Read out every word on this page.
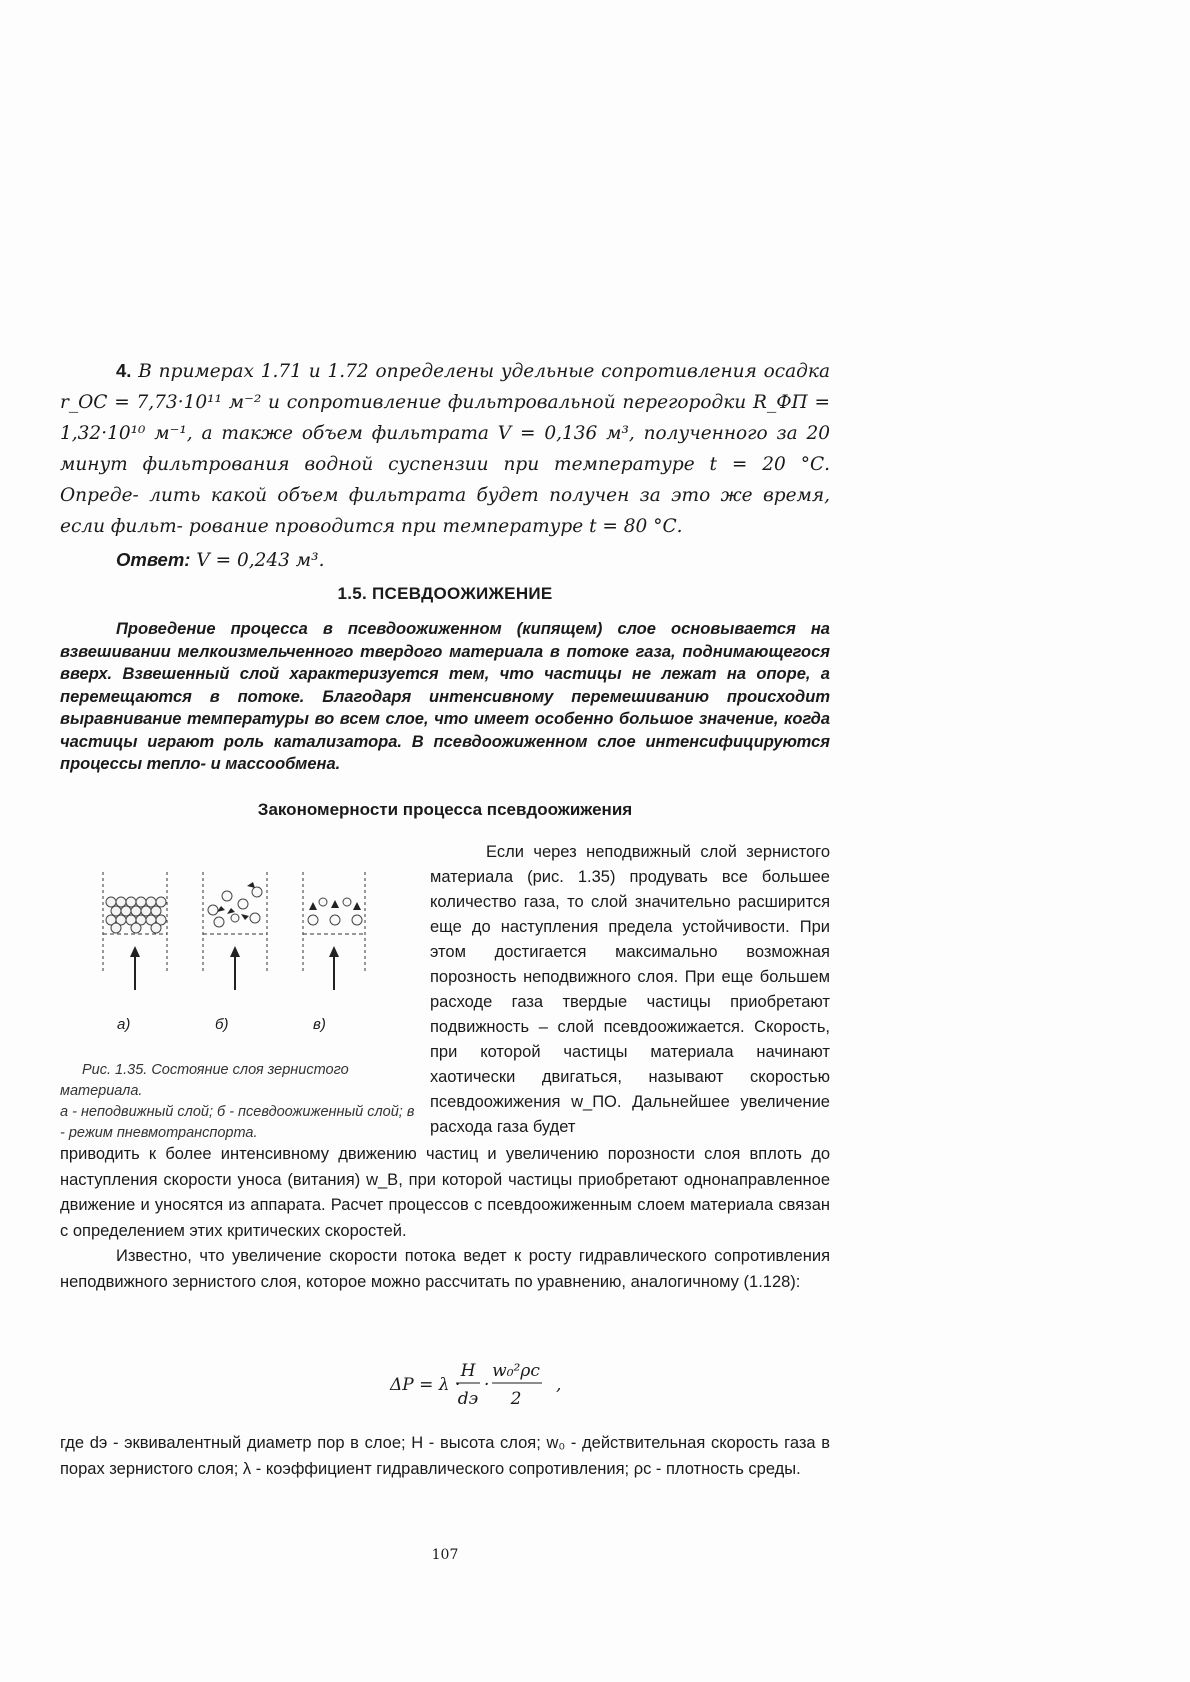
4. В примерах 1.71 и 1.72 определены удельные сопротивления осадка r_ОС = 7,73·10¹¹ м⁻² и сопротивление фильтровальной перегородки R_ФП = 1,32·10¹⁰ м⁻¹, а также объем фильтрата V = 0,136 м³, полученного за 20 минут фильтрования водной суспензии при температуре t = 20 °С. Опреде- лить какой объем фильтрата будет получен за это же время, если фильт- рование проводится при температуре t = 80 °С.

Ответ: V = 0,243 м³.
1.5. ПСЕВДООЖИЖЕНИЕ

Проведение процесса в псевдоожиженном (кипящем) слое основывается на взвешивании мелкоизмельченного твердого материала в потоке газа, поднимающегося вверх. Взвешенный слой характеризуется тем, что частицы не лежат на опоре, а перемещаются в потоке. Благодаря интенсивному перемешиванию происходит выравнивание температуры во всем слое, что имеет особенно большое значение, когда частицы играют роль катализатора. В псевдоожиженном слое интенсифицируются процессы тепло- и массообмена.

Закономерности процесса псевдоожижения
а)	б)	в)

Рис. 1.35. Состояние слоя зернистого материала.

а - неподвижный слой; б - псевдоожиженный слой; в - режим пневмотранспорта.

Если через неподвижный слой зернистого материала (рис. 1.35) продувать все большее количество газа, то слой значительно расширится еще до наступления предела устойчивости. При этом достигается максимально возможная порозность неподвижного слоя. При еще большем расходе газа твердые частицы приобретают подвижность – слой псевдоожижается. Скорость, при которой частицы материала начинают хаотически двигаться, называют скоростью псевдоожижения w_ПО. Дальнейшее увеличение расхода газа будет

приводить к более интенсивному движению частиц и увеличению порозности слоя вплоть до наступления скорости уноса (витания) w_В, при которой частицы приобретают однонаправленное движение и уносятся из аппарата. Расчет процессов с псевдоожиженным слоем материала связан с определением этих критических скоростей.

Известно, что увеличение скорости потока ведет к росту гидравлического сопротивления неподвижного зернистого слоя, которое можно рассчитать по уравнению, аналогичному (1.128):

ΔP = λ ·
H
dэ
·
w₀²ρс
2
,

где dэ - эквивалентный диаметр пор в слое; H - высота слоя; w₀ - действительная скорость газа в порах зернистого слоя; λ - коэффициент гидравлического сопротивления; ρс - плотность среды.

107
